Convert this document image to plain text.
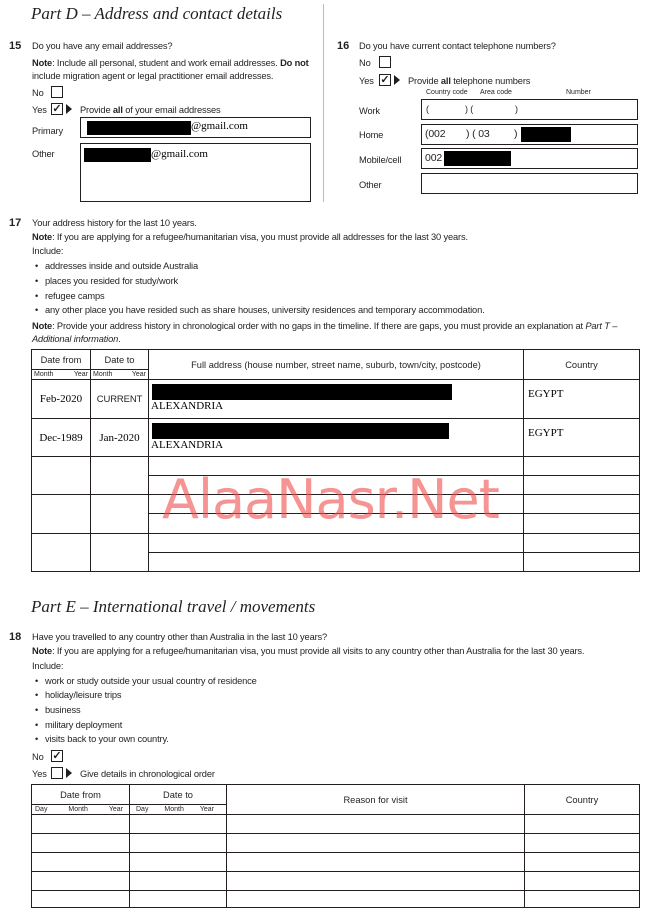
Part D – Address and contact details
15 Do you have any email addresses?
Note: Include all personal, student and work email addresses. Do not
include migration agent or legal practitioner email addresses.
No
Yes ✓ Provide all of your email addresses
Primary	@gmail.com
Other	@gmail.com
16 Do you have current contact telephone numbers?
No
Yes ✓ Provide all telephone numbers
Country code Area code	Number
Work	(	) (	)
Home	(002 ) ( 03 )
Mobile/cell 002
Other
17 Your address history for the last 10 years.
Note: If you are applying for a refugee/humanitarian visa, you must provide all addresses for the last 30 years.
Include:
• addresses inside and outside Australia
• places you resided for study/work
• refugee camps
• any other place you have resided such as share houses, university residences and temporary accommodation.
Note: Provide your address history in chronological order with no gaps in the timeline. If there are gaps, you must provide an explanation at Part T –
Additional information.
Date from	Date to	Full address (house number, street name, suburb, town/city, postcode)	Country

Month Year	Month Year		

Feb-2020	CURRENT	ALEXANDRIA	EGYPT

Dec-1989	Jan-2020	ALEXANDRIA	EGYPT

AlaaNasr.Net
Part E – International travel / movements
18 Have you travelled to any country other than Australia in the last 10 years?
Note: If you are applying for a refugee/humanitarian visa, you must provide all visits to any country other than Australia for the last 30 years.
Include:
• work or study outside your usual country of residence
• holiday/leisure trips
• business
• military deployment
• visits back to your own country.
No ✓
Yes	Give details in chronological order
Date from	Date to	Reason for visit	Country

Day Month Year	Day Month Year		
